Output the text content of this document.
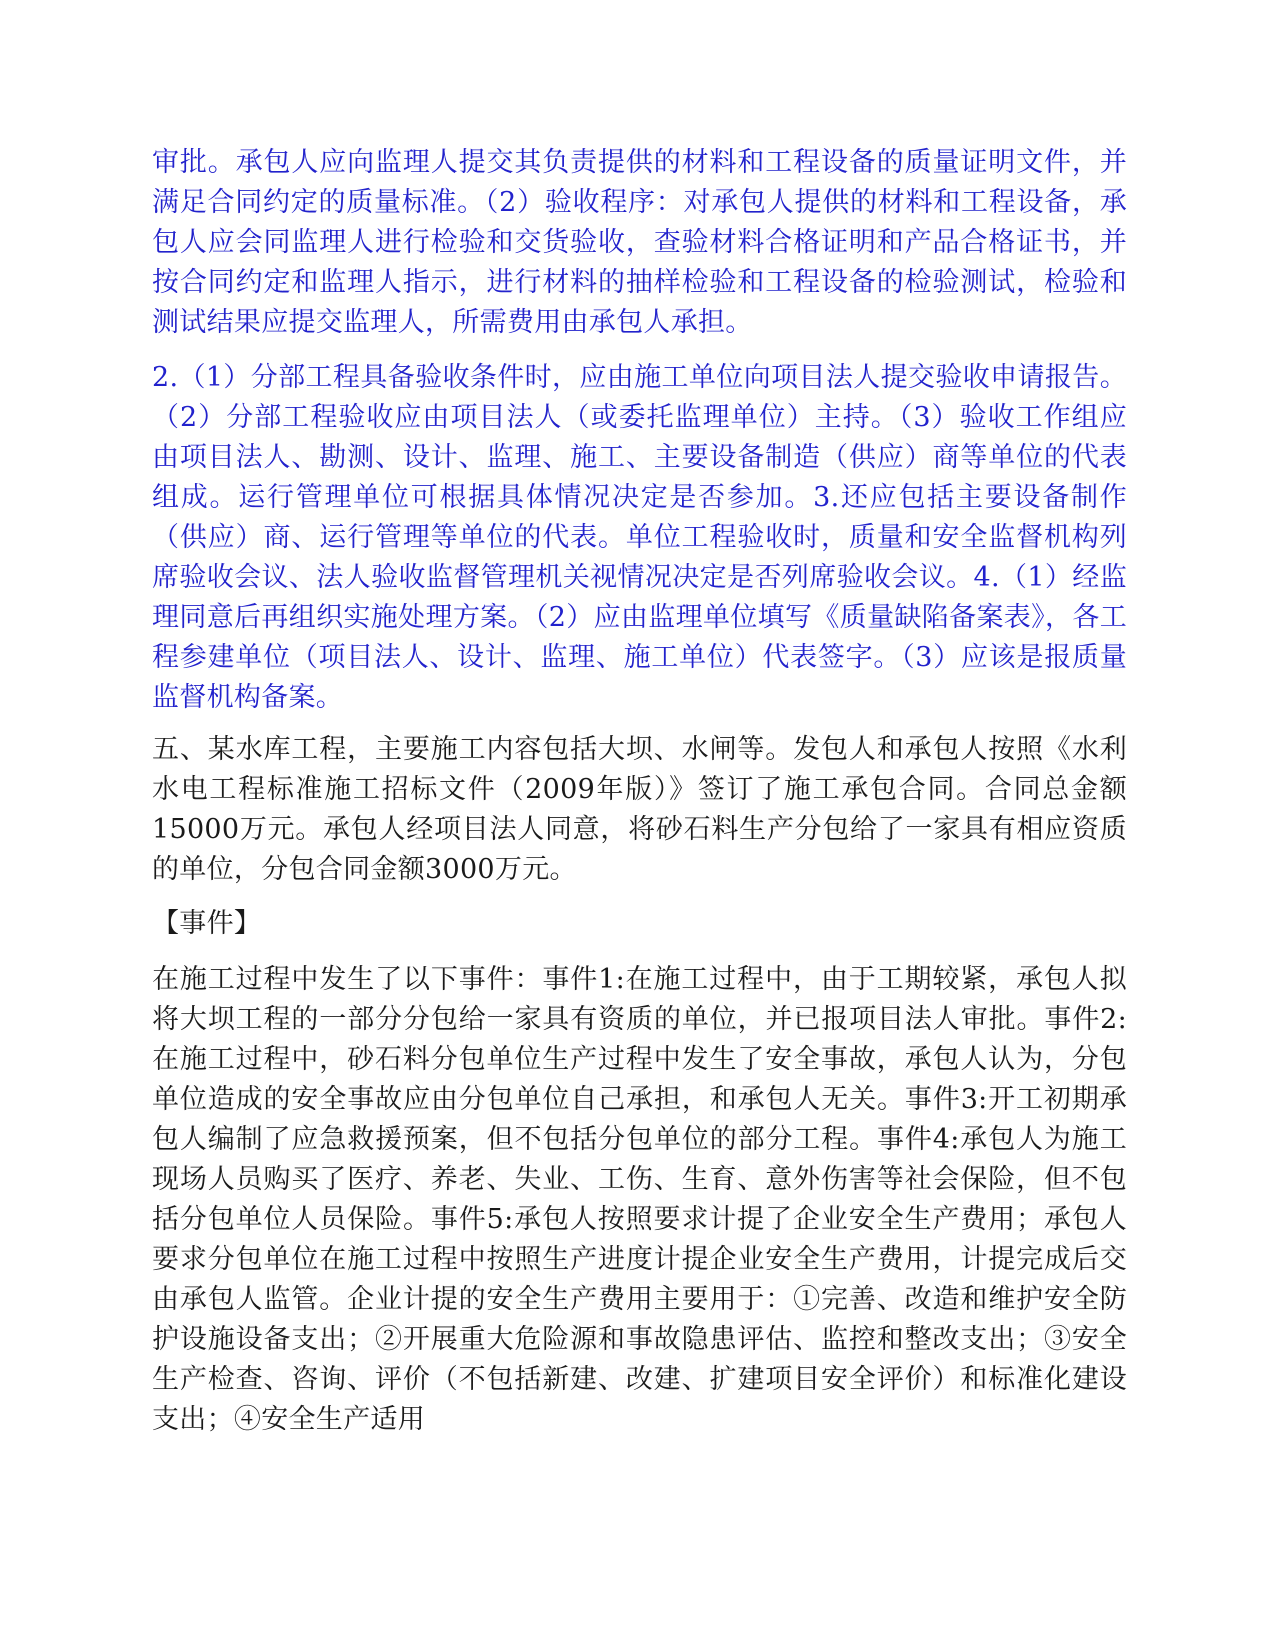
审批。承包人应向监理人提交其负责提供的材料和工程设备的质量证明文件，并满足合同约定的质量标准。（2）验收程序：对承包人提供的材料和工程设备，承包人应会同监理人进行检验和交货验收，查验材料合格证明和产品合格证书，并按合同约定和监理人指示，进行材料的抽样检验和工程设备的检验测试，检验和测试结果应提交监理人，所需费用由承包人承担。

2.（1）分部工程具备验收条件时，应由施工单位向项目法人提交验收申请报告。（2）分部工程验收应由项目法人（或委托监理单位）主持。（3）验收工作组应由项目法人、勘测、设计、监理、施工、主要设备制造（供应）商等单位的代表组成。运行管理单位可根据具体情况决定是否参加。3.还应包括主要设备制作（供应）商、运行管理等单位的代表。单位工程验收时，质量和安全监督机构列席验收会议、法人验收监督管理机关视情况决定是否列席验收会议。4.（1）经监理同意后再组织实施处理方案。（2）应由监理单位填写《质量缺陷备案表》，各工程参建单位（项目法人、设计、监理、施工单位）代表签字。（3）应该是报质量监督机构备案。

五、某水库工程，主要施工内容包括大坝、水闸等。发包人和承包人按照《水利水电工程标准施工招标文件（2009年版）》签订了施工承包合同。合同总金额15000万元。承包人经项目法人同意，将砂石料生产分包给了一家具有相应资质的单位，分包合同金额3000万元。

【事件】

在施工过程中发生了以下事件：事件1:在施工过程中，由于工期较紧，承包人拟将大坝工程的一部分分包给一家具有资质的单位，并已报项目法人审批。事件2:在施工过程中，砂石料分包单位生产过程中发生了安全事故，承包人认为，分包单位造成的安全事故应由分包单位自己承担，和承包人无关。事件3:开工初期承包人编制了应急救援预案，但不包括分包单位的部分工程。事件4:承包人为施工现场人员购买了医疗、养老、失业、工伤、生育、意外伤害等社会保险，但不包括分包单位人员保险。事件5:承包人按照要求计提了企业安全生产费用；承包人要求分包单位在施工过程中按照生产进度计提企业安全生产费用，计提完成后交由承包人监管。企业计提的安全生产费用主要用于：①完善、改造和维护安全防护设施设备支出；②开展重大危险源和事故隐患评估、监控和整改支出；③安全生产检查、咨询、评价（不包括新建、改建、扩建项目安全评价）和标准化建设支出；④安全生产适用
